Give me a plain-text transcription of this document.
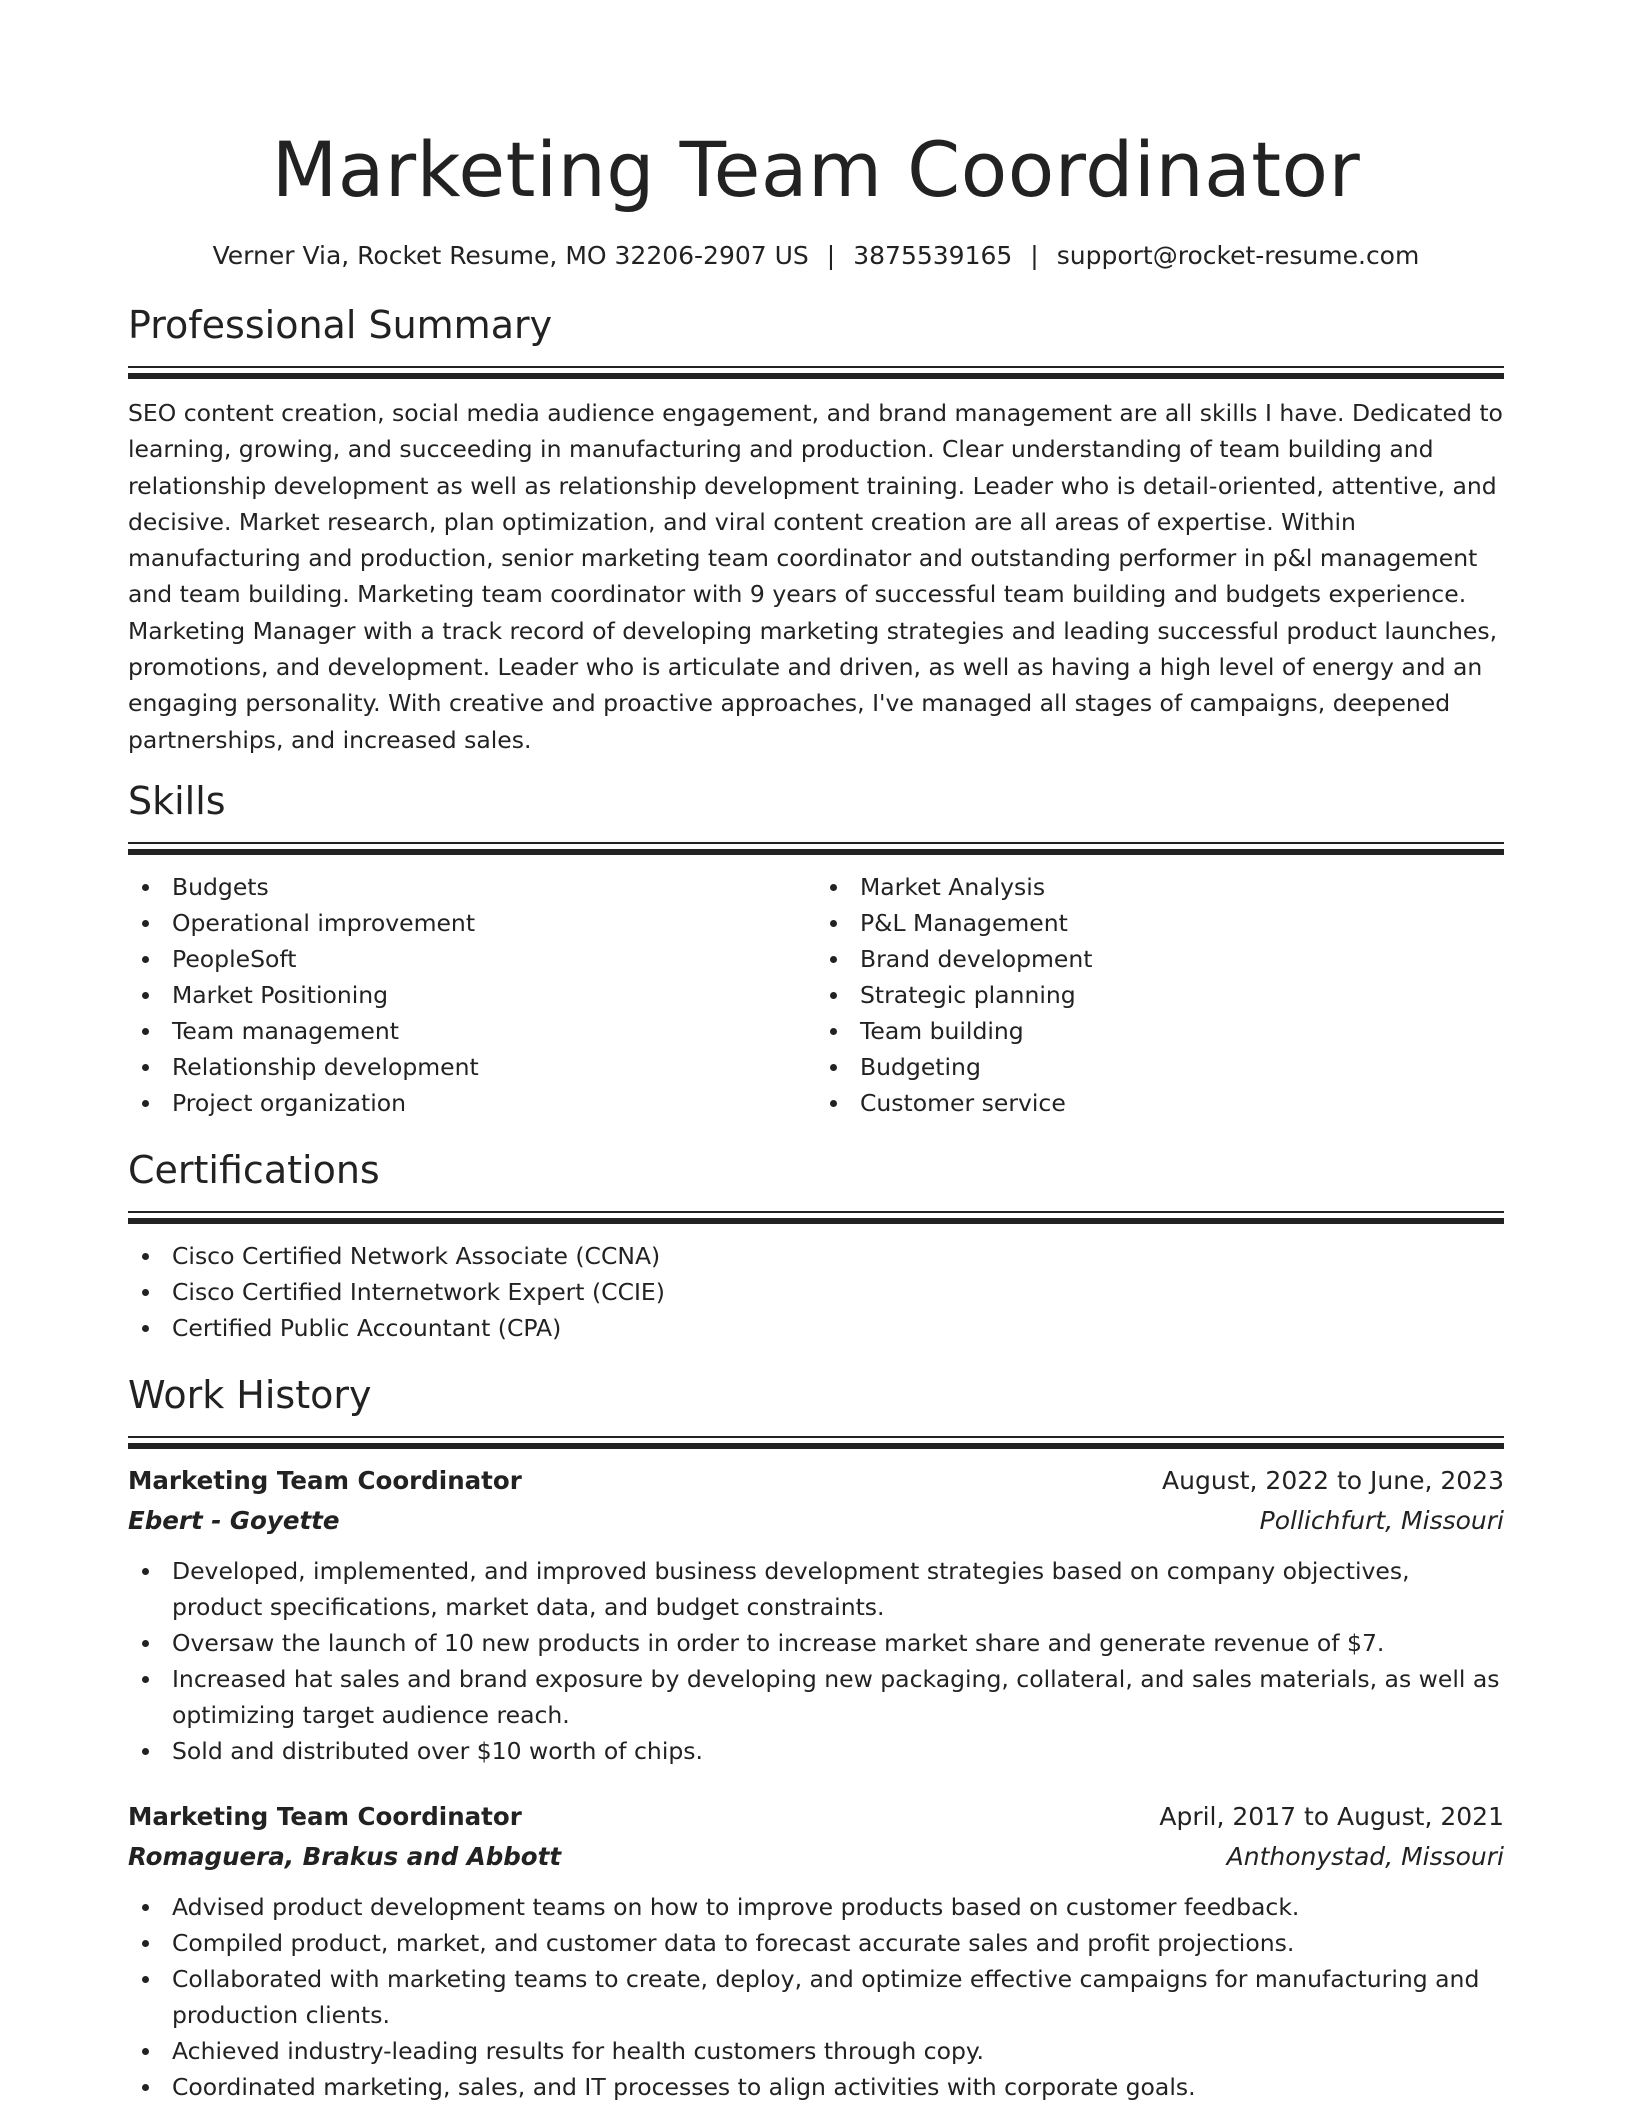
Marketing Team Coordinator
Verner Via, Rocket Resume, MO 32206-2907 US | 3875539165 | support@rocket-resume.com
Professional Summary

SEO content creation, social media audience engagement, and brand management are all skills I have. Dedicated to learning, growing, and succeeding in manufacturing and production. Clear understanding of team building and relationship development as well as relationship development training. Leader who is detail-oriented, attentive, and decisive. Market research, plan optimization, and viral content creation are all areas of expertise. Within manufacturing and production, senior marketing team coordinator and outstanding performer in p&l management and team building. Marketing team coordinator with 9 years of successful team building and budgets experience. Marketing Manager with a track record of developing marketing strategies and leading successful product launches, promotions, and development. Leader who is articulate and driven, as well as having a high level of energy and an engaging personality. With creative and proactive approaches, I've managed all stages of campaigns, deepened partnerships, and increased sales.

Skills
Budgets
Operational improvement
PeopleSoft
Market Positioning
Team management
Relationship development
Project organization
Market Analysis
P&L Management
Brand development
Strategic planning
Team building
Budgeting
Customer service
Certifications
Cisco Certified Network Associate (CCNA)
Cisco Certified Internetwork Expert (CCIE)
Certified Public Accountant (CPA)
Work History
Marketing Team Coordinator	August, 2022 to June, 2023
Ebert - Goyette	Pollichfurt, Missouri
Developed, implemented, and improved business development strategies based on company objectives, product specifications, market data, and budget constraints.
Oversaw the launch of 10 new products in order to increase market share and generate revenue of $7.
Increased hat sales and brand exposure by developing new packaging, collateral, and sales materials, as well as optimizing target audience reach.
Sold and distributed over $10 worth of chips.
Marketing Team Coordinator	April, 2017 to August, 2021
Romaguera, Brakus and Abbott	Anthonystad, Missouri
Advised product development teams on how to improve products based on customer feedback.
Compiled product, market, and customer data to forecast accurate sales and profit projections.
Collaborated with marketing teams to create, deploy, and optimize effective campaigns for manufacturing and production clients.
Achieved industry-leading results for health customers through copy.
Coordinated marketing, sales, and IT processes to align activities with corporate goals.
